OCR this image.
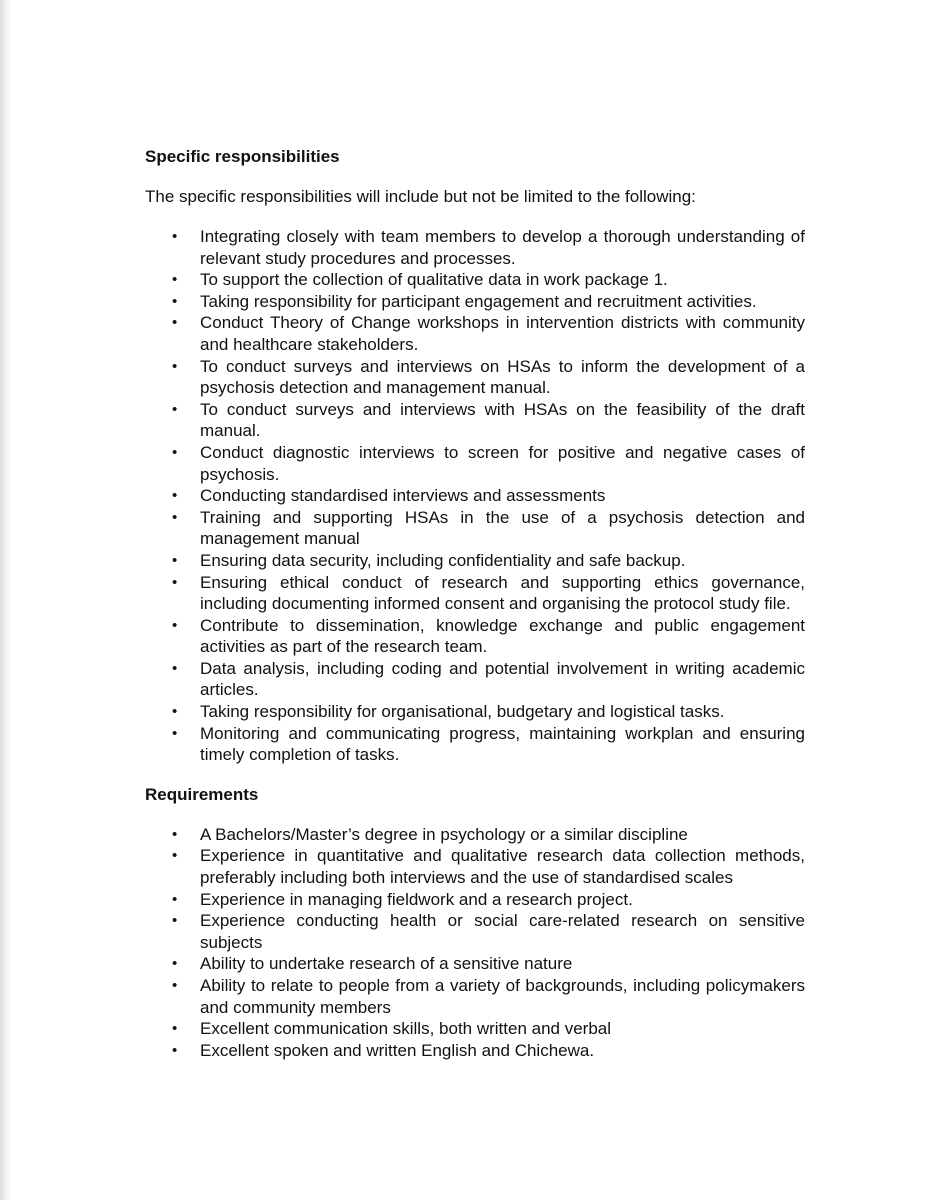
Specific responsibilities

The specific responsibilities will include but not be limited to the following:

• Integrating closely with team members to develop a thorough understanding of relevant study procedures and processes.
• To support the collection of qualitative data in work package 1.
• Taking responsibility for participant engagement and recruitment activities.
• Conduct Theory of Change workshops in intervention districts with community and healthcare stakeholders.
• To conduct surveys and interviews on HSAs to inform the development of a psychosis detection and management manual.
• To conduct surveys and interviews with HSAs on the feasibility of the draft manual.
• Conduct diagnostic interviews to screen for positive and negative cases of psychosis.
• Conducting standardised interviews and assessments
• Training and supporting HSAs in the use of a psychosis detection and management manual
• Ensuring data security, including confidentiality and safe backup.
• Ensuring ethical conduct of research and supporting ethics governance, including documenting informed consent and organising the protocol study file.
• Contribute to dissemination, knowledge exchange and public engagement activities as part of the research team.
• Data analysis, including coding and potential involvement in writing academic articles.
• Taking responsibility for organisational, budgetary and logistical tasks.
• Monitoring and communicating progress, maintaining workplan and ensuring timely completion of tasks.

Requirements

• A Bachelors/Master’s degree in psychology or a similar discipline
• Experience in quantitative and qualitative research data collection methods, preferably including both interviews and the use of standardised scales
• Experience in managing fieldwork and a research project.
• Experience conducting health or social care-related research on sensitive subjects
• Ability to undertake research of a sensitive nature
• Ability to relate to people from a variety of backgrounds, including policymakers and community members
• Excellent communication skills, both written and verbal
• Excellent spoken and written English and Chichewa.
